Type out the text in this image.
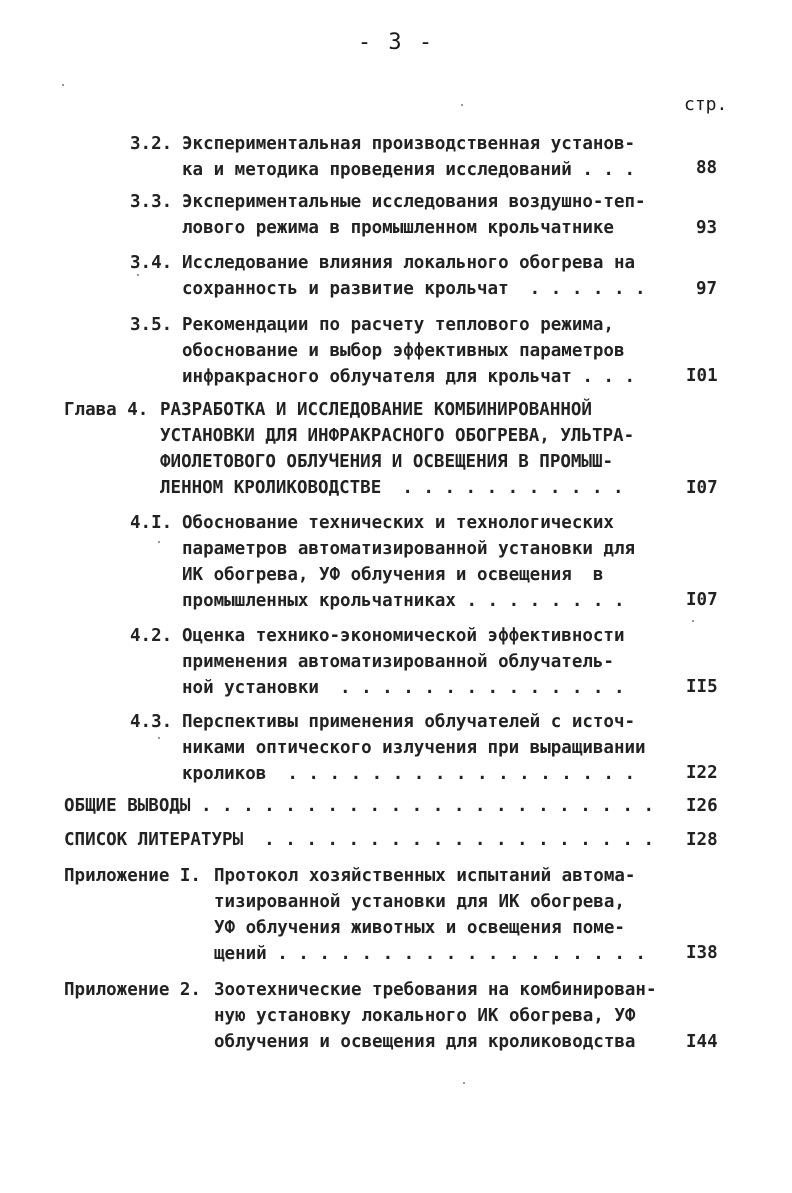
- 3 -
стр.
3.2. Экспериментальная производственная установ-
ка и методика проведения исследований . . .	88
3.3. Экспериментальные исследования воздушно-теп-
лового режима в промышленном крольчатнике	93
3.4. Исследование влияния локального обогрева на
сохранность и развитие крольчат  . . . . . .	97
3.5. Рекомендации по расчету теплового режима,
обоснование и выбор эффективных параметров
инфракрасного облучателя для крольчат . . .	I01
Глава 4. РАЗРАБОТКА И ИССЛЕДОВАНИЕ КОМБИНИРОВАННОЙ
УСТАНОВКИ ДЛЯ ИНФРАКРАСНОГО ОБОГРЕВА, УЛЬТРА-
ФИОЛЕТОВОГО ОБЛУЧЕНИЯ И ОСВЕЩЕНИЯ В ПРОМЫШ-
ЛЕННОМ КРОЛИКОВОДСТВЕ  . . . . . . . . . . .	I07
4.I. Обоснование технических и технологических
параметров автоматизированной установки для
ИК обогрева, УФ облучения и освещения  в
промышленных крольчатниках . . . . . . . .	I07
4.2. Оценка технико-экономической эффективности
применения автоматизированной облучатель-
ной установки  . . . . . . . . . . . . . .	II5
4.3. Перспективы применения облучателей с источ-
никами оптического излучения при выращивании
кроликов  . . . . . . . . . . . . . . . . .	I22
ОБЩИЕ ВЫВОДЫ . . . . . . . . . . . . . . . . . . . . . . I26
СПИСОК ЛИТЕРАТУРЫ  . . . . . . . . . . . . . . . . . . . I28
Приложение I. Протокол хозяйственных испытаний автома-
тизированной установки для ИК обогрева,
УФ облучения животных и освещения поме-
щений . . . . . . . . . . . . . . . . . . I38
Приложение 2. Зоотехнические требования на комбинирован-
ную установку локального ИК обогрева, УФ
облучения и освещения для кролиководства	I44
